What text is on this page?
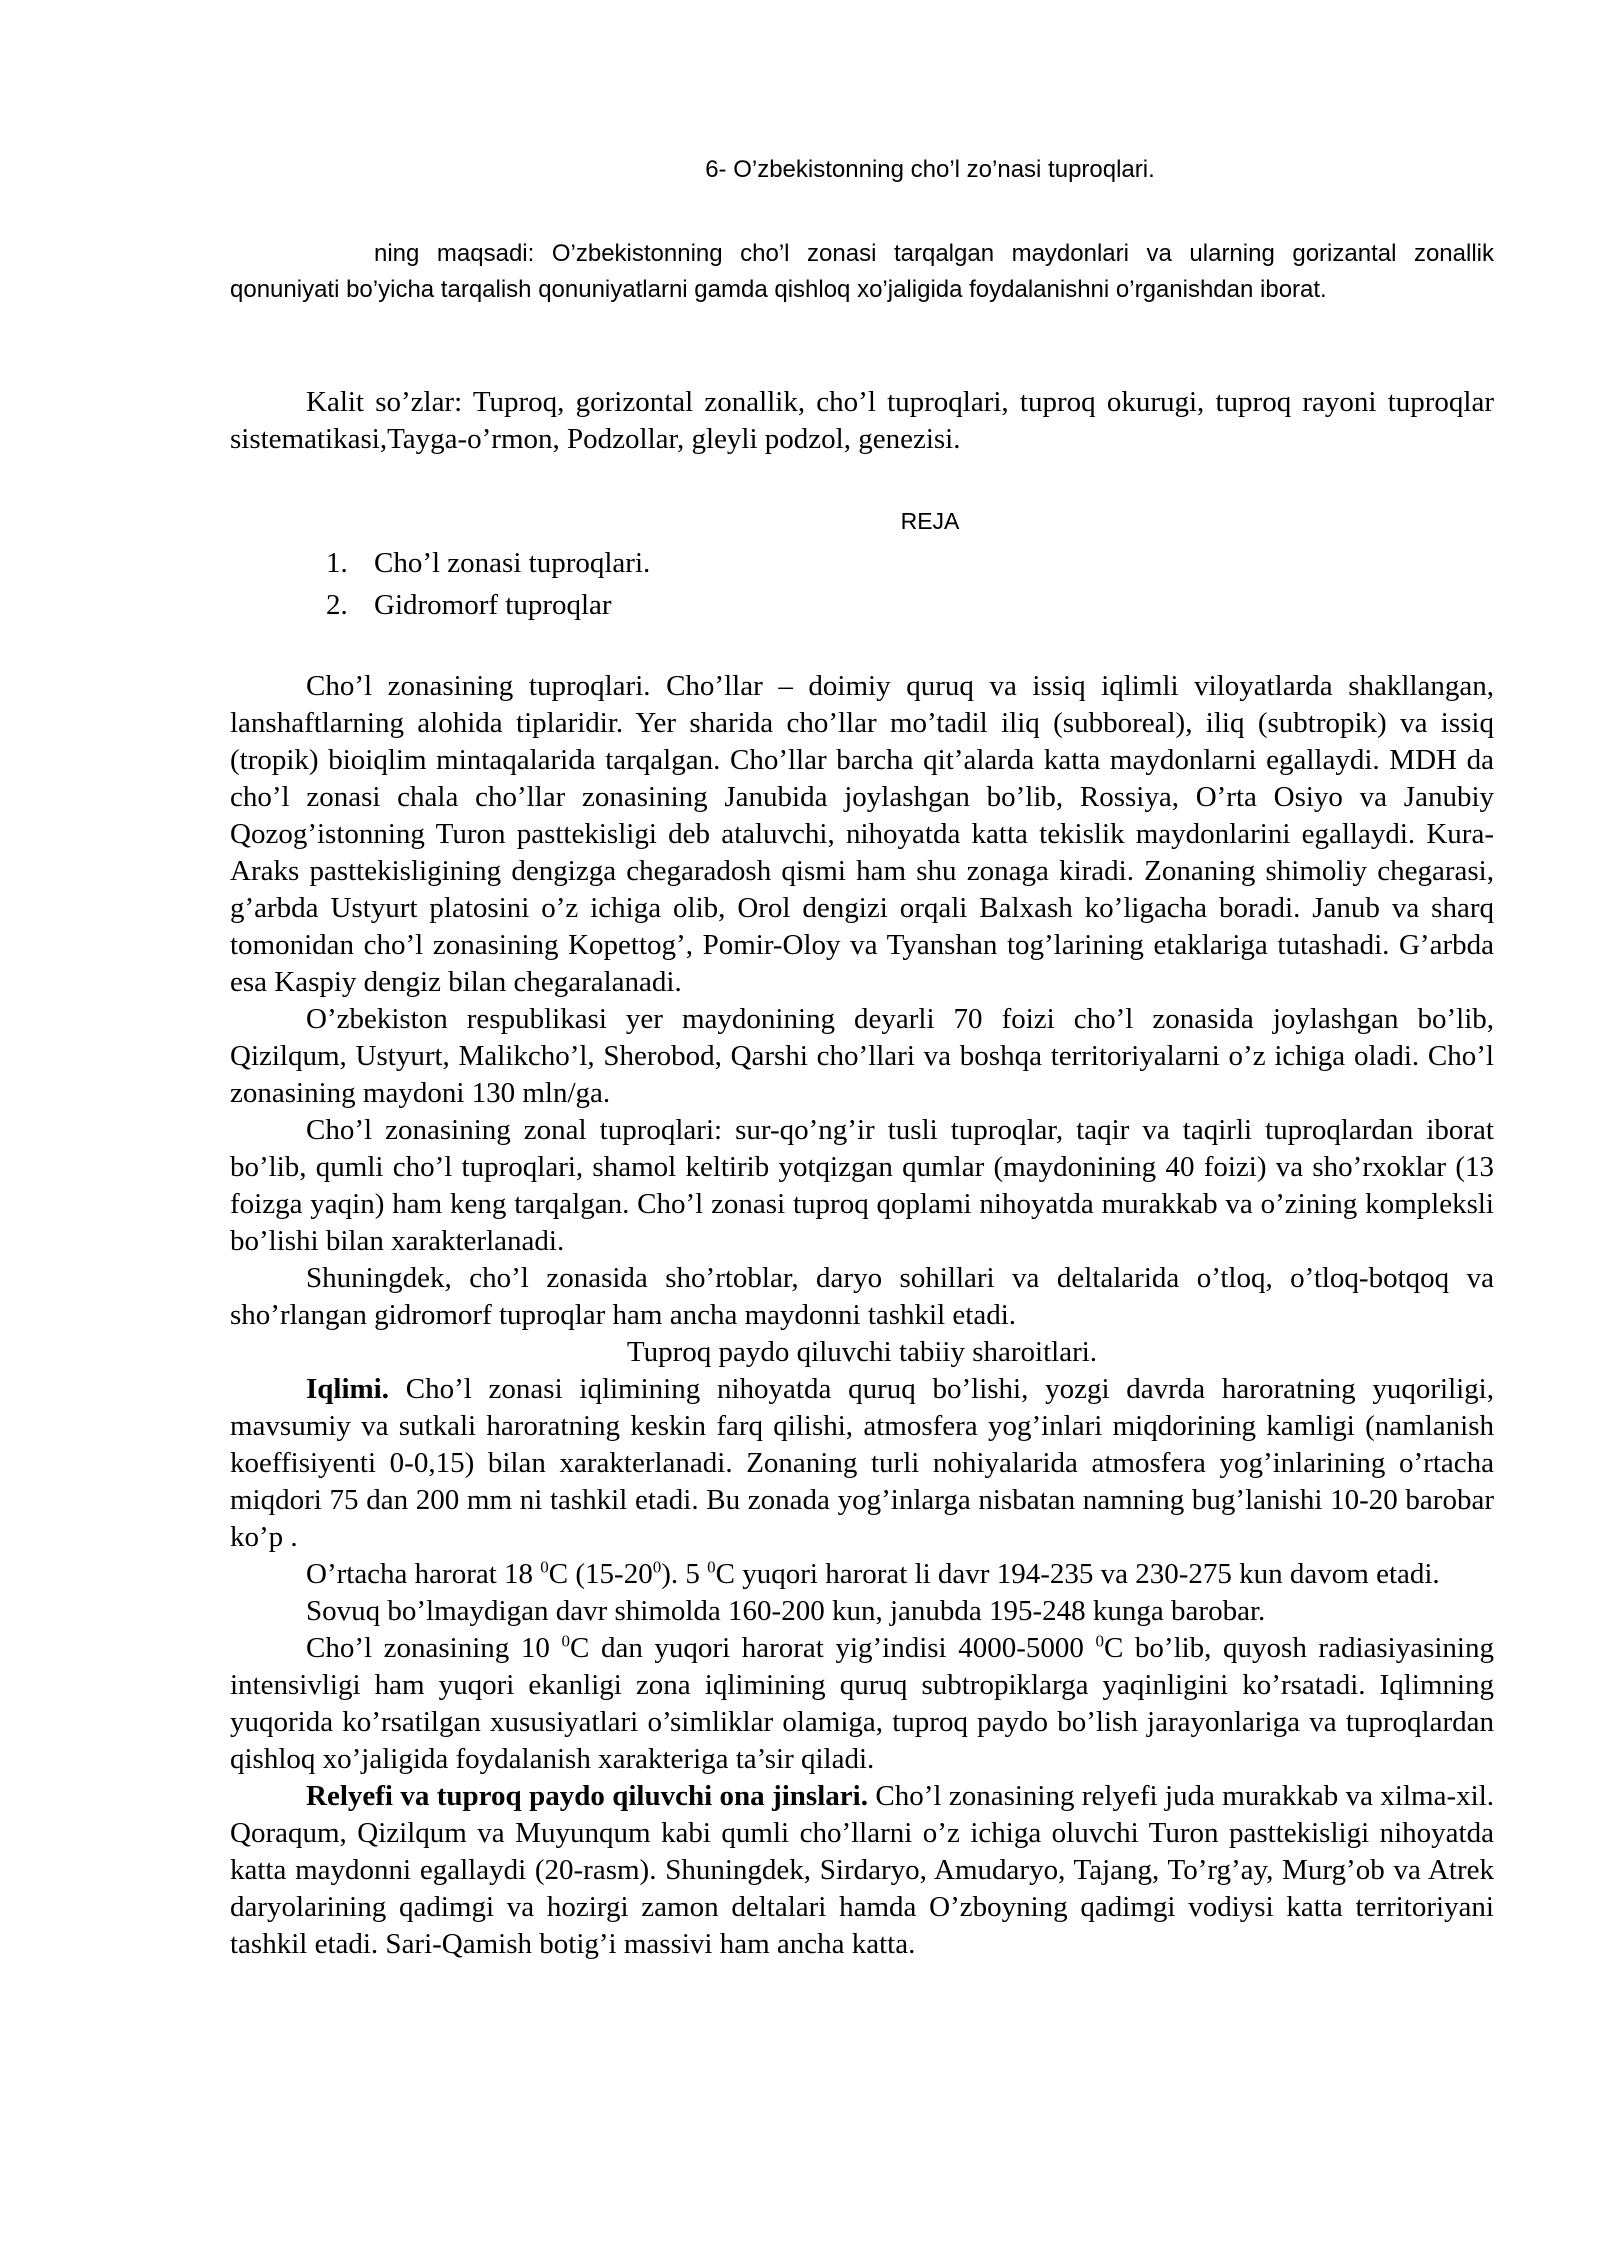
6- O’zbekistonning cho’l zo’nasi tuproqlari.
ning maqsadi: O’zbekistonning cho’l zonasi tarqalgan maydonlari va ularning gorizantal zonallik qonuniyati bo’yicha tarqalish qonuniyatlarni gamda qishloq xo’jaligida foydalanishni o’rganishdan iborat.
Kalit so’zlar: Tuproq, gorizontal zonallik, cho’l tuproqlari, tuproq okurugi, tuproq rayoni tuproqlar sistematikasi,Tayga-o’rmon, Podzollar, gleyli podzol, genezisi.
REJA
1. Cho’l zonasi tuproqlari.
2. Gidromorf tuproqlar

Cho’l zonasining tuproqlari. Cho’llar – doimiy quruq va issiq iqlimli viloyatlarda shakllangan, lanshaftlarning alohida tiplaridir. Yer sharida cho’llar mo’tadil iliq (subboreal), iliq (subtropik) va issiq (tropik) bioiqlim mintaqalarida tarqalgan. Cho’llar barcha qit’alarda katta maydonlarni egallaydi. MDH da cho’l zonasi chala cho’llar zonasining Janubida joylashgan bo’lib, Rossiya, O’rta Osiyo va Janubiy Qozog’istonning Turon pasttekisligi deb ataluvchi, nihoyatda katta tekislik maydonlarini egallaydi. Kura-Araks pasttekisligining dengizga chegaradosh qismi ham shu zonaga kiradi. Zonaning shimoliy chegarasi, g’arbda Ustyurt platosini o’z ichiga olib, Orol dengizi orqali Balxash ko’ligacha boradi. Janub va sharq tomonidan cho’l zonasining Kopettog’, Pomir-Oloy va Tyanshan tog’larining etaklariga tutashadi. G’arbda esa Kaspiy dengiz bilan chegaralanadi.

O’zbekiston respublikasi yer maydonining deyarli 70 foizi cho’l zonasida joylashgan bo’lib, Qizilqum, Ustyurt, Malikcho’l, Sherobod, Qarshi cho’llari va boshqa territoriyalarni o’z ichiga oladi. Cho’l zonasining maydoni 130 mln/ga.

Cho’l zonasining zonal tuproqlari: sur-qo’ng’ir tusli tuproqlar, taqir va taqirli tuproqlardan iborat bo’lib, qumli cho’l tuproqlari, shamol keltirib yotqizgan qumlar (maydonining 40 foizi) va sho’rxoklar (13 foizga yaqin) ham keng tarqalgan. Cho’l zonasi tuproq qoplami nihoyatda murakkab va o’zining kompleksli bo’lishi bilan xarakterlanadi.

Shuningdek, cho’l zonasida sho’rtoblar, daryo sohillari va deltalarida o’tloq, o’tloq-botqoq va sho’rlangan gidromorf tuproqlar ham ancha maydonni tashkil etadi.

Tuproq paydo qiluvchi tabiiy sharoitlari.

Iqlimi. Cho’l zonasi iqlimining nihoyatda quruq bo’lishi, yozgi davrda haroratning yuqoriligi, mavsumiy va sutkali haroratning keskin farq qilishi, atmosfera yog’inlari miqdorining kamligi (namlanish koeffisiyenti 0-0,15) bilan xarakterlanadi. Zonaning turli nohiyalarida atmosfera yog’inlarining o’rtacha miqdori 75 dan 200 mm ni tashkil etadi. Bu zonada yog’inlarga nisbatan namning bug’lanishi 10-20 barobar ko’p .

O’rtacha harorat 18 $^0$C $(15-20^0)$. 5 $^0$C yuqori harorat li davr 194-235 va 230-275 kun davom etadi.

Sovuq bo’lmaydigan davr shimolda 160-200 kun, janubda 195-248 kunga barobar.

Cho’l zonasining 10 $^0$C dan yuqori harorat yig’indisi 4000-5000 $^0$C bo’lib, quyosh radiasiyasining intensivligi ham yuqori ekanligi zona iqlimining quruq subtropiklarga yaqinligini ko’rsatadi. Iqlimning yuqorida ko’rsatilgan xususiyatlari o’simliklar olamiga, tuproq paydo bo’lish jarayonlariga va tuproqlardan qishloq xo’jaligida foydalanish xarakteriga ta’sir qiladi.

Relyefi va tuproq paydo qiluvchi ona jinslari. Cho’l zonasining relyefi juda murakkab va xilma-xil. Qoraqum, Qizilqum va Muyunqum kabi qumli cho’llarni o’z ichiga oluvchi Turon pasttekisligi nihoyatda katta maydonni egallaydi (20-rasm). Shuningdek, Sirdaryo, Amudaryo, Tajang, To’rg’ay, Murg’ob va Atrek daryolarining qadimgi va hozirgi zamon deltalari hamda O’zboyning qadimgi vodiysi katta territoriyani tashkil etadi. Sari-Qamish botig’i massivi ham ancha katta.
